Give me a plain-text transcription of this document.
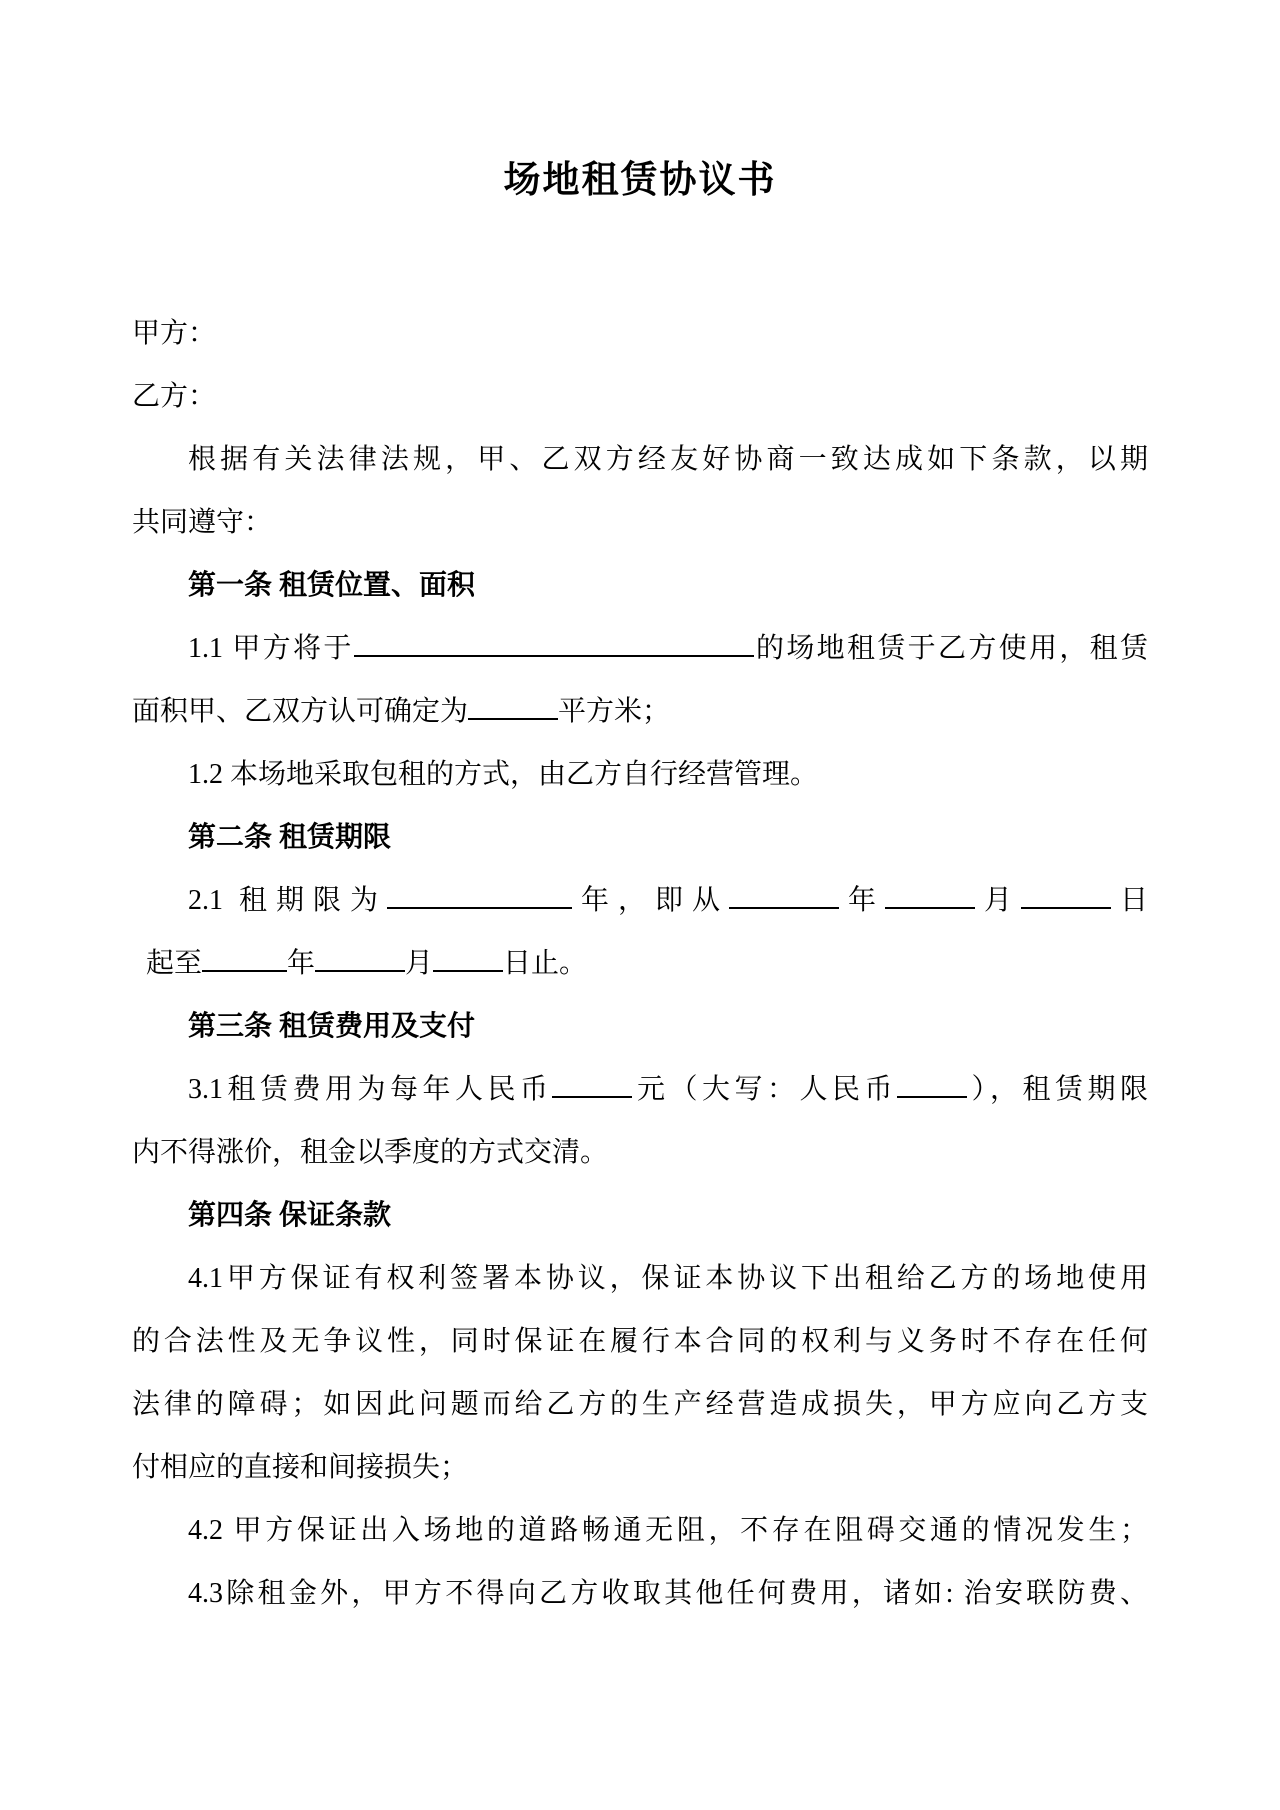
场地租赁协议书
甲方：
乙方：
根据有关法律法规，甲、乙双方经友好协商一致达成如下条款，以期
共同遵守：
第一条 租赁位置、面积
1.1 甲方将于	的场地租赁于乙方使用，租赁
面积甲、乙双方认可确定为	平方米；
1.2 本场地采取包租的方式，由乙方自行经营管理。
第二条 租赁期限
2.1 租期限为	年，即从	年	月	日
起至	年	月	日止。
第三条 租赁费用及支付
3.1租赁费用为每年人民币	元（大写：人民币	），租赁期限
内不得涨价，租金以季度的方式交清。
第四条 保证条款
4.1甲方保证有权利签署本协议，保证本协议下出租给乙方的场地使用
的合法性及无争议性，同时保证在履行本合同的权利与义务时不存在任何
法律的障碍；如因此问题而给乙方的生产经营造成损失，甲方应向乙方支
付相应的直接和间接损失；
4.2 甲方保证出入场地的道路畅通无阻，不存在阻碍交通的情况发生；
4.3除租金外，甲方不得向乙方收取其他任何费用，诸如: 治安联防费、
